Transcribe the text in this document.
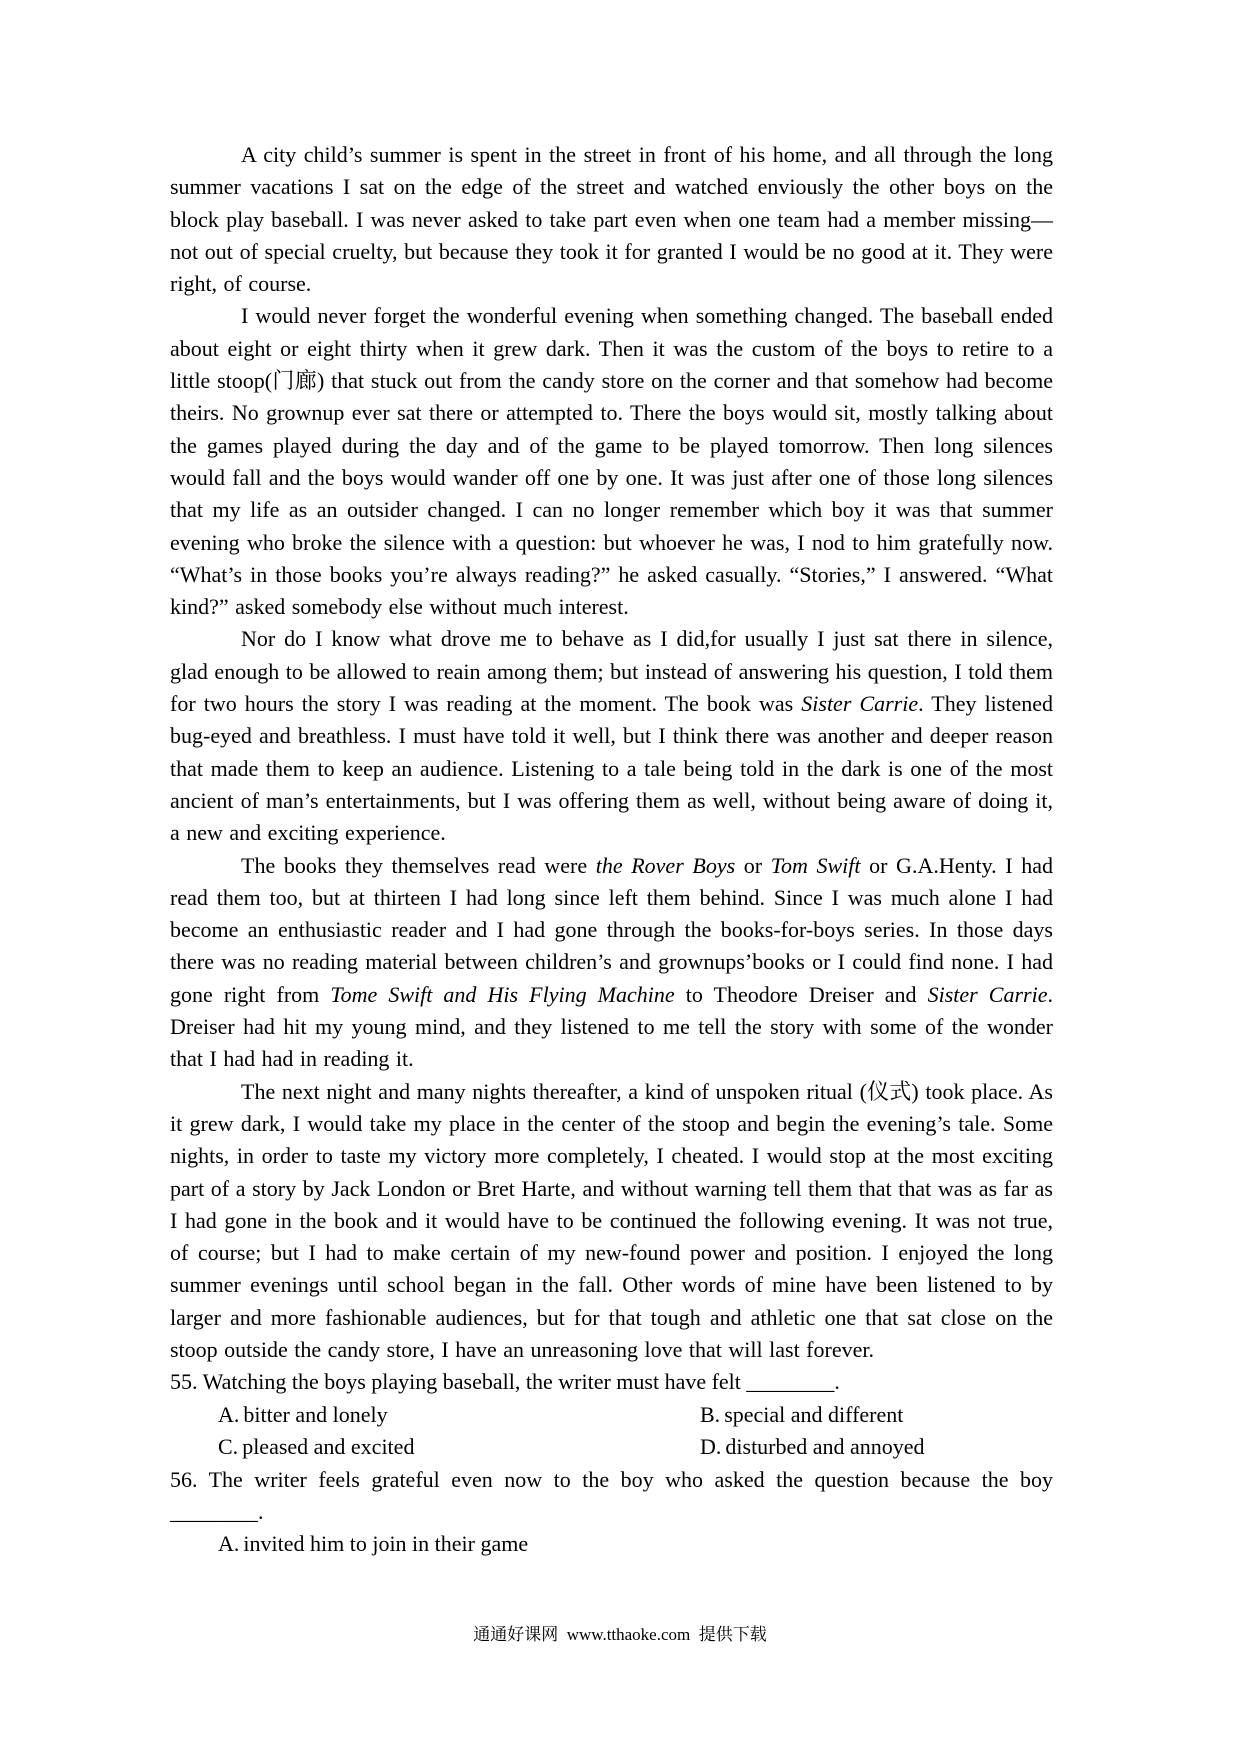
A city child’s summer is spent in the street in front of his home, and all through the long summer vacations I sat on the edge of the street and watched enviously the other boys on the block play baseball. I was never asked to take part even when one team had a member missing—not out of special cruelty, but because they took it for granted I would be no good at it. They were right, of course.

I would never forget the wonderful evening when something changed. The baseball ended about eight or eight thirty when it grew dark. Then it was the custom of the boys to retire to a little stoop(门廊) that stuck out from the candy store on the corner and that somehow had become theirs. No grownup ever sat there or attempted to. There the boys would sit, mostly talking about the games played during the day and of the game to be played tomorrow. Then long silences would fall and the boys would wander off one by one. It was just after one of those long silences that my life as an outsider changed. I can no longer remember which boy it was that summer evening who broke the silence with a question: but whoever he was, I nod to him gratefully now. “What’s in those books you’re always reading?” he asked casually. “Stories,” I answered. “What kind?” asked somebody else without much interest.

Nor do I know what drove me to behave as I did,for usually I just sat there in silence, glad enough to be allowed to reain among them; but instead of answering his question, I told them for two hours the story I was reading at the moment. The book was Sister Carrie. They listened bug-eyed and breathless. I must have told it well, but I think there was another and deeper reason that made them to keep an audience. Listening to a tale being told in the dark is one of the most ancient of man’s entertainments, but I was offering them as well, without being aware of doing it, a new and exciting experience.

The books they themselves read were the Rover Boys or Tom Swift or G.A.Henty. I had read them too, but at thirteen I had long since left them behind. Since I was much alone I had become an enthusiastic reader and I had gone through the books-for-boys series. In those days there was no reading material between children’s and grownups’books or I could find none. I had gone right from Tome Swift and His Flying Machine to Theodore Dreiser and Sister Carrie. Dreiser had hit my young mind, and they listened to me tell the story with some of the wonder that I had had in reading it.

The next night and many nights thereafter, a kind of unspoken ritual (仪式) took place. As it grew dark, I would take my place in the center of the stoop and begin the evening’s tale. Some nights, in order to taste my victory more completely, I cheated. I would stop at the most exciting part of a story by Jack London or Bret Harte, and without warning tell them that that was as far as I had gone in the book and it would have to be continued the following evening. It was not true, of course; but I had to make certain of my new-found power and position. I enjoyed the long summer evenings until school began in the fall. Other words of mine have been listened to by larger and more fashionable audiences, but for that tough and athletic one that sat close on the stoop outside the candy store, I have an unreasoning love that will last forever.

55. Watching the boys playing baseball, the writer must have felt ________.
A. bitter and lonely	B. special and different
C. pleased and excited	D. disturbed and annoyed
56. The writer feels grateful even now to the boy who asked the question because the boy
________.
A. invited him to join in their game
通通好课网  www.tthaoke.com  提供下载
